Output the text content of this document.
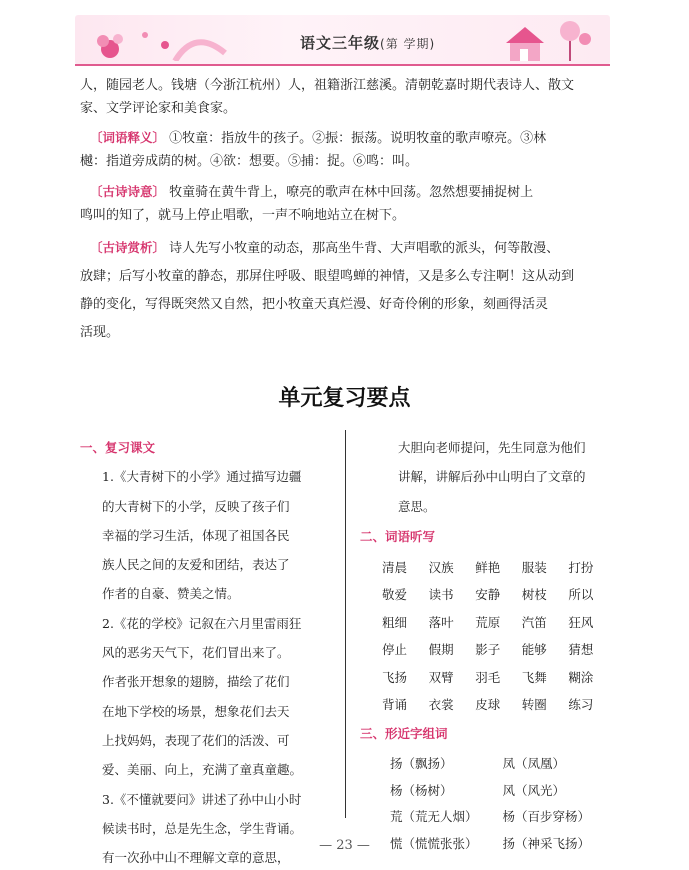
语文三年级(第 学期)
人，随园老人。钱塘（今浙江杭州）人，祖籍浙江慈溪。清朝乾嘉时期代表诗人、散文
家、文学评论家和美食家。
〔词语释义〕 ①牧童：指放牛的孩子。②振：振荡。说明牧童的歌声嘹亮。③林
樾：指道旁成荫的树。④欲：想要。⑤捕：捉。⑥鸣：叫。
〔古诗诗意〕 牧童骑在黄牛背上，嘹亮的歌声在林中回荡。忽然想要捕捉树上
鸣叫的知了，就马上停止唱歌，一声不响地站立在树下。
〔古诗赏析〕 诗人先写小牧童的动态，那高坐牛背、大声唱歌的派头，何等散漫、
放肆；后写小牧童的静态，那屏住呼吸、眼望鸣蝉的神情，又是多么专注啊！这从动到
静的变化，写得既突然又自然，把小牧童天真烂漫、好奇伶俐的形象，刻画得活灵
活现。
单元复习要点
一、复习课文

1.《大青树下的小学》通过描写边疆

的大青树下的小学，反映了孩子们

幸福的学习生活，体现了祖国各民

族人民之间的友爱和团结，表达了

作者的自豪、赞美之情。

2.《花的学校》记叙在六月里雷雨狂

风的恶劣天气下，花们冒出来了。

作者张开想象的翅膀，描绘了花们

在地下学校的场景，想象花们去天

上找妈妈，表现了花们的活泼、可

爱、美丽、向上，充满了童真童趣。

3.《不懂就要问》讲述了孙中山小时

候读书时，总是先生念，学生背诵。

有一次孙中山不理解文章的意思，

大胆向老师提问，先生同意为他们
讲解，讲解后孙中山明白了文章的
意思。
二、词语听写
清晨	汉族	鲜艳	服装	打扮
敬爱	读书	安静	树枝	所以
粗细	落叶	荒原	汽笛	狂风
停止	假期	影子	能够	猜想
飞扬	双臂	羽毛	飞舞	糊涂
背诵	衣裳	皮球	转圈	练习
三、形近字组词
扬（飘扬）	凤（凤凰）
杨（杨树）	风（风光）
荒（荒无人烟）	杨（百步穿杨）
慌（慌慌张张）	扬（神采飞扬）
— 23 —
